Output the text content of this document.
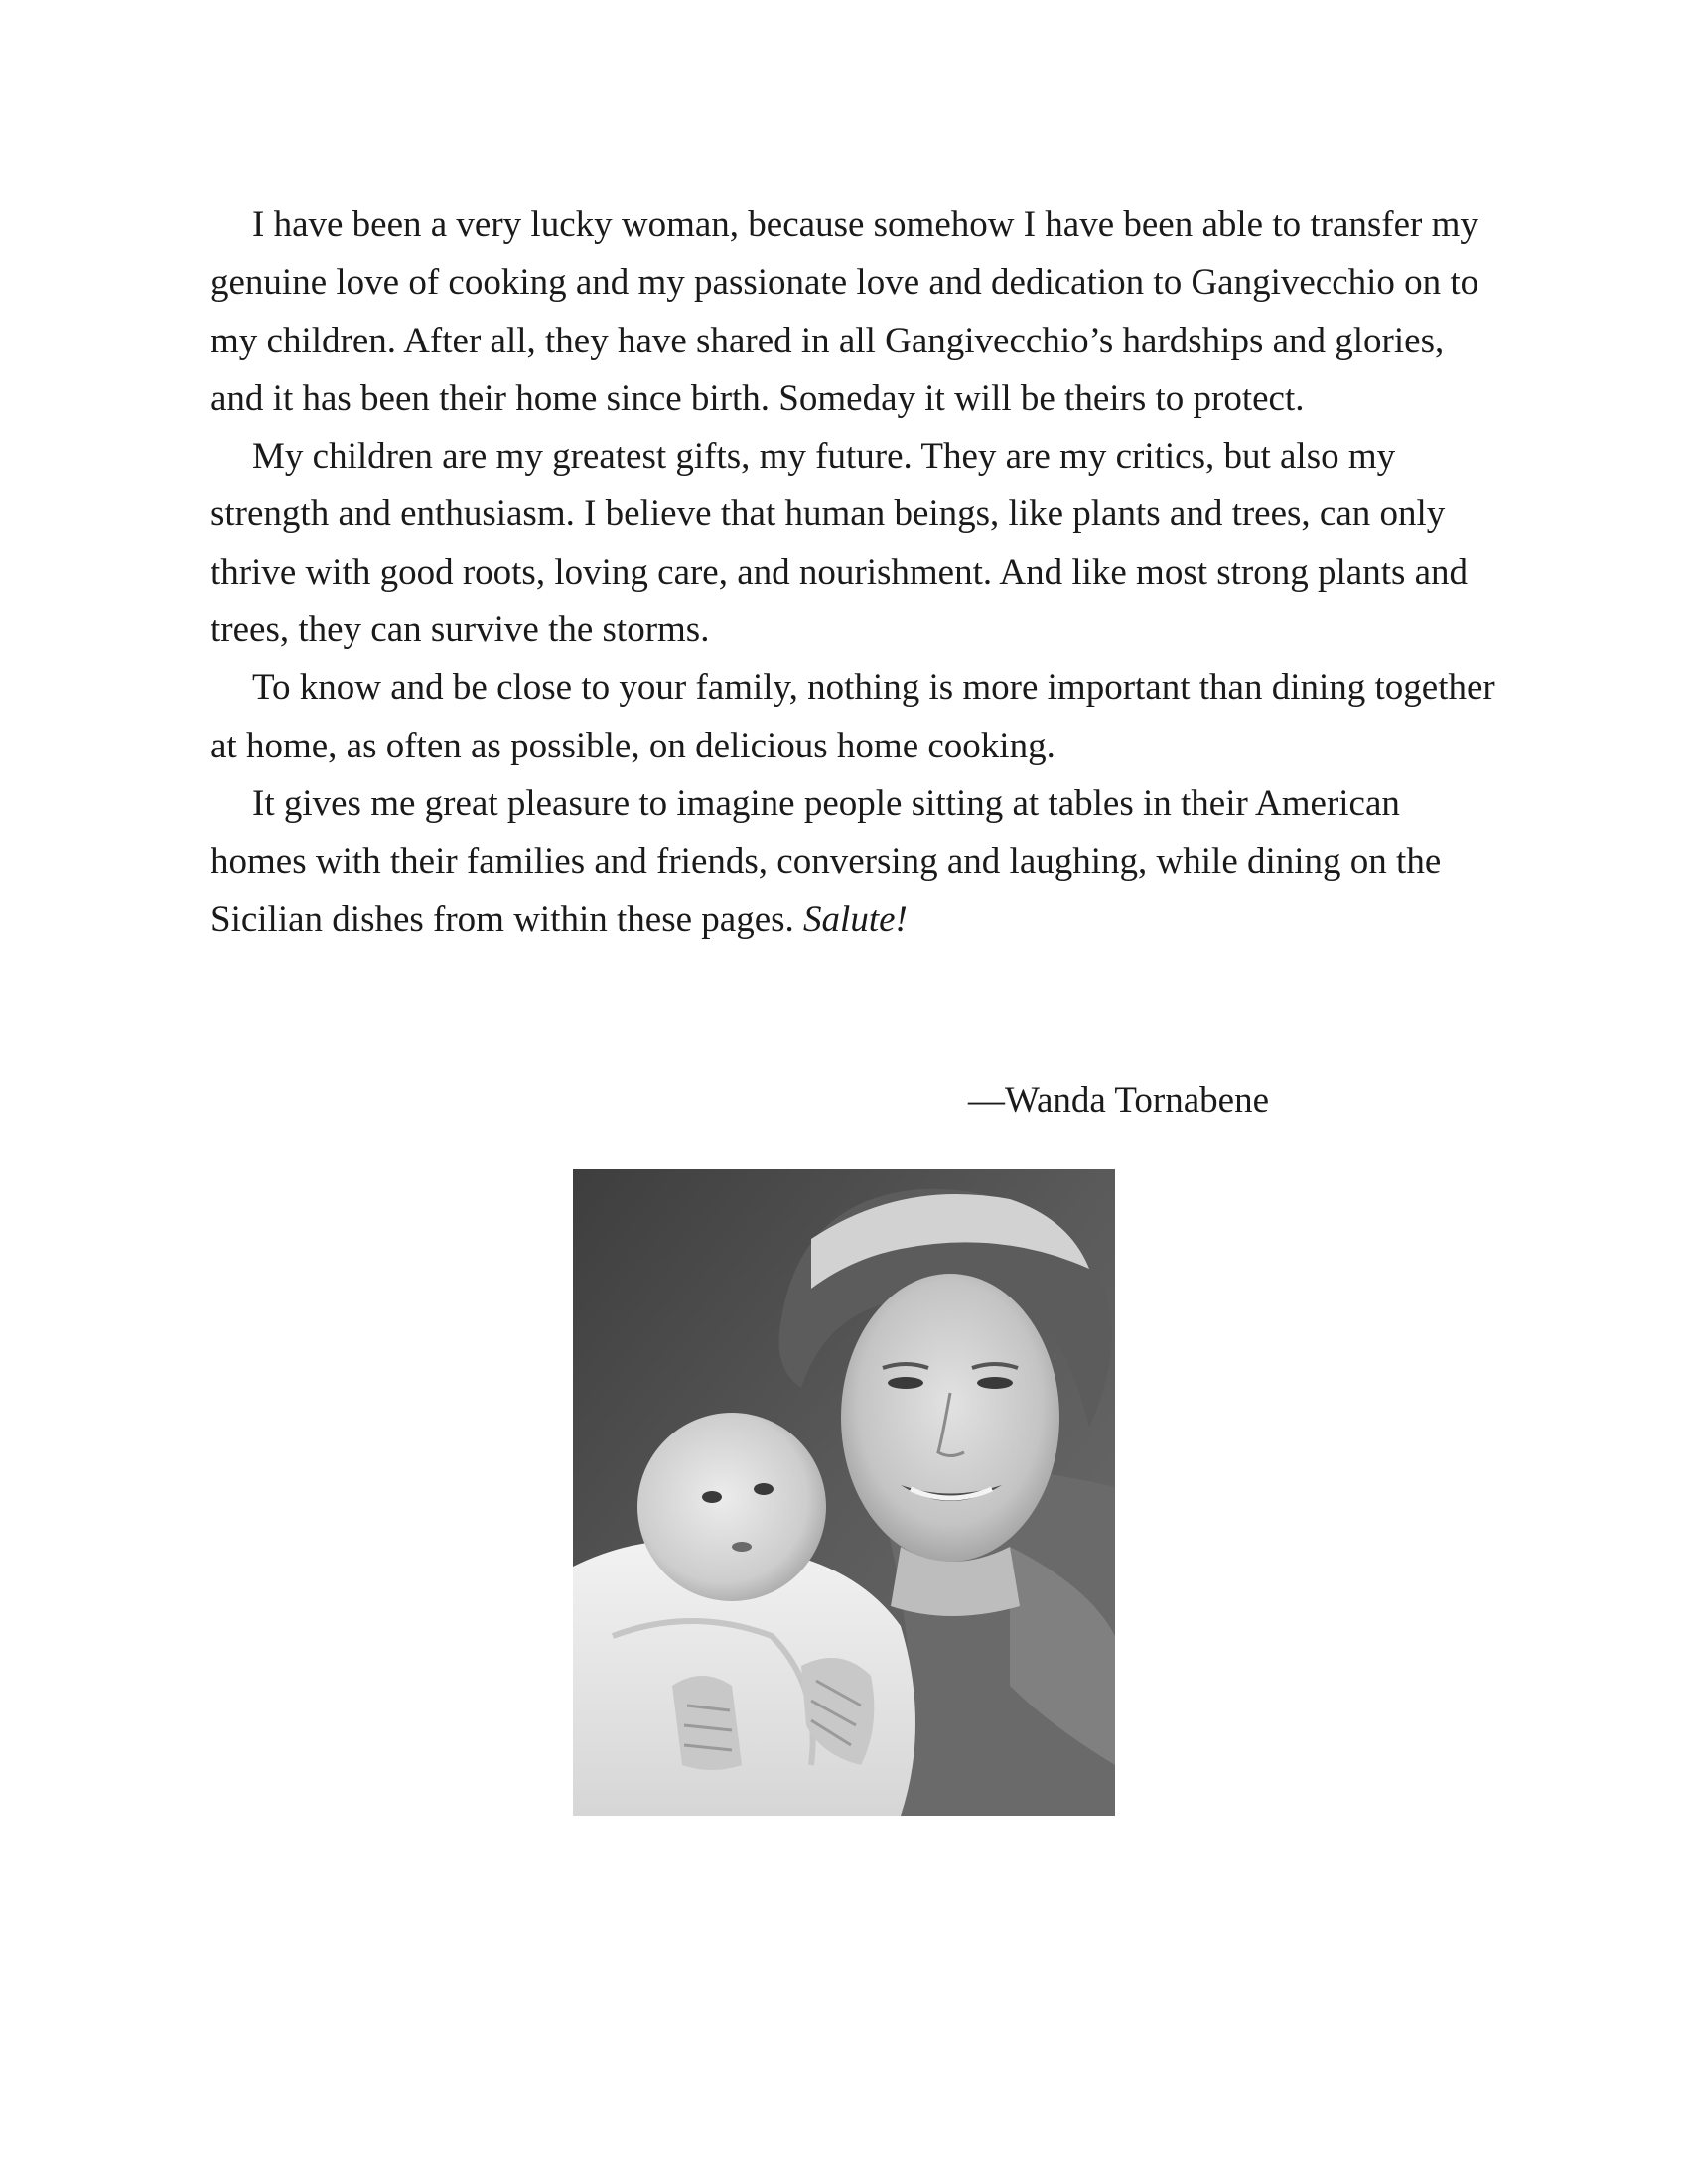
I have been a very lucky woman, because somehow I have been able to transfer my genuine love of cooking and my passionate love and dedication to Gangivecchio on to my children. After all, they have shared in all Gangivecchio’s hardships and glories, and it has been their home since birth. Someday it will be theirs to protect.

My children are my greatest gifts, my future. They are my critics, but also my strength and enthusiasm. I believe that human beings, like plants and trees, can only thrive with good roots, loving care, and nourishment. And like most strong plants and trees, they can survive the storms.

To know and be close to your family, nothing is more important than dining together at home, as often as possible, on delicious home cooking.

It gives me great pleasure to imagine people sitting at tables in their American homes with their families and friends, conversing and laughing, while dining on the Sicilian dishes from within these pages. Salute!

—Wanda Tornabene
